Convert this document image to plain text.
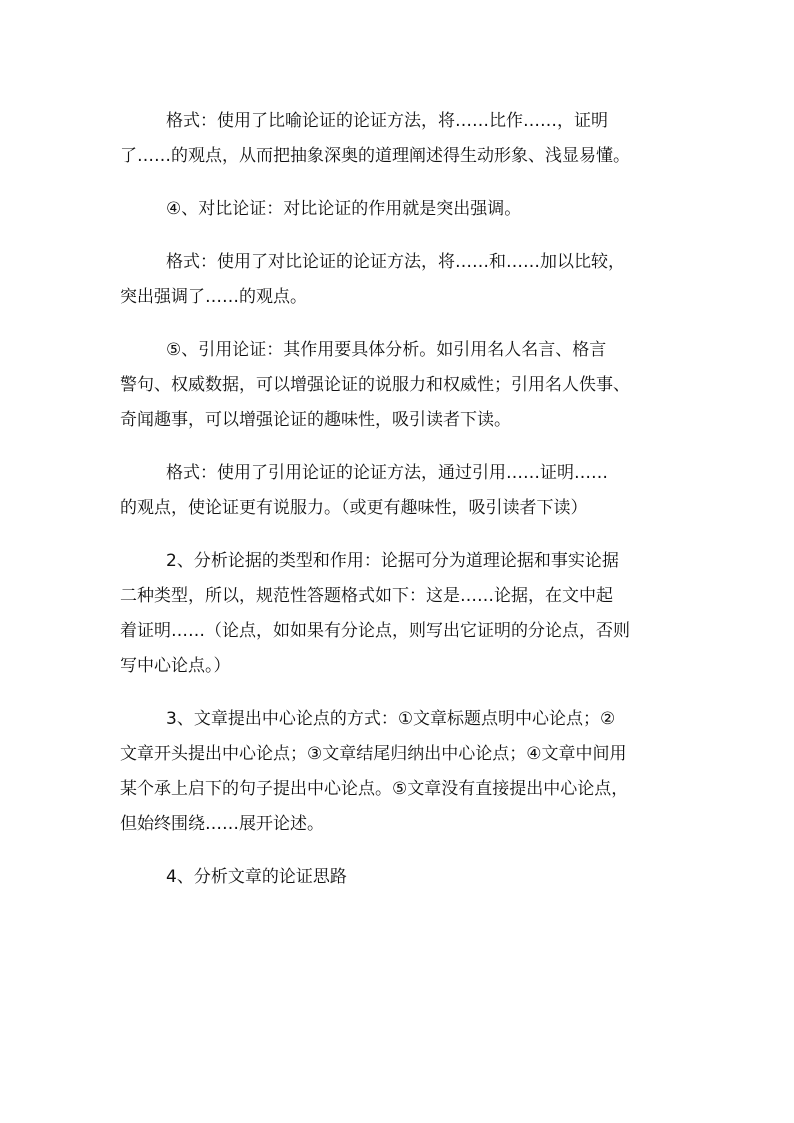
格式：使用了比喻论证的论证方法，将……比作……，证明
了……的观点，从而把抽象深奥的道理阐述得生动形象、浅显易懂。
④、对比论证：对比论证的作用就是突出强调。
格式：使用了对比论证的论证方法，将……和……加以比较，
突出强调了……的观点。
⑤、引用论证：其作用要具体分析。如引用名人名言、格言
警句、权威数据，可以增强论证的说服力和权威性；引用名人佚事、
奇闻趣事，可以增强论证的趣味性，吸引读者下读。
格式：使用了引用论证的论证方法，通过引用……证明……
的观点，使论证更有说服力。（或更有趣味性，吸引读者下读）
2、分析论据的类型和作用：论据可分为道理论据和事实论据
二种类型，所以，规范性答题格式如下：这是……论据，在文中起
着证明……（论点，如如果有分论点，则写出它证明的分论点，否则
写中心论点。）
3、文章提出中心论点的方式：①文章标题点明中心论点；②
文章开头提出中心论点；③文章结尾归纳出中心论点；④文章中间用
某个承上启下的句子提出中心论点。⑤文章没有直接提出中心论点，
但始终围绕……展开论述。
4、分析文章的论证思路
